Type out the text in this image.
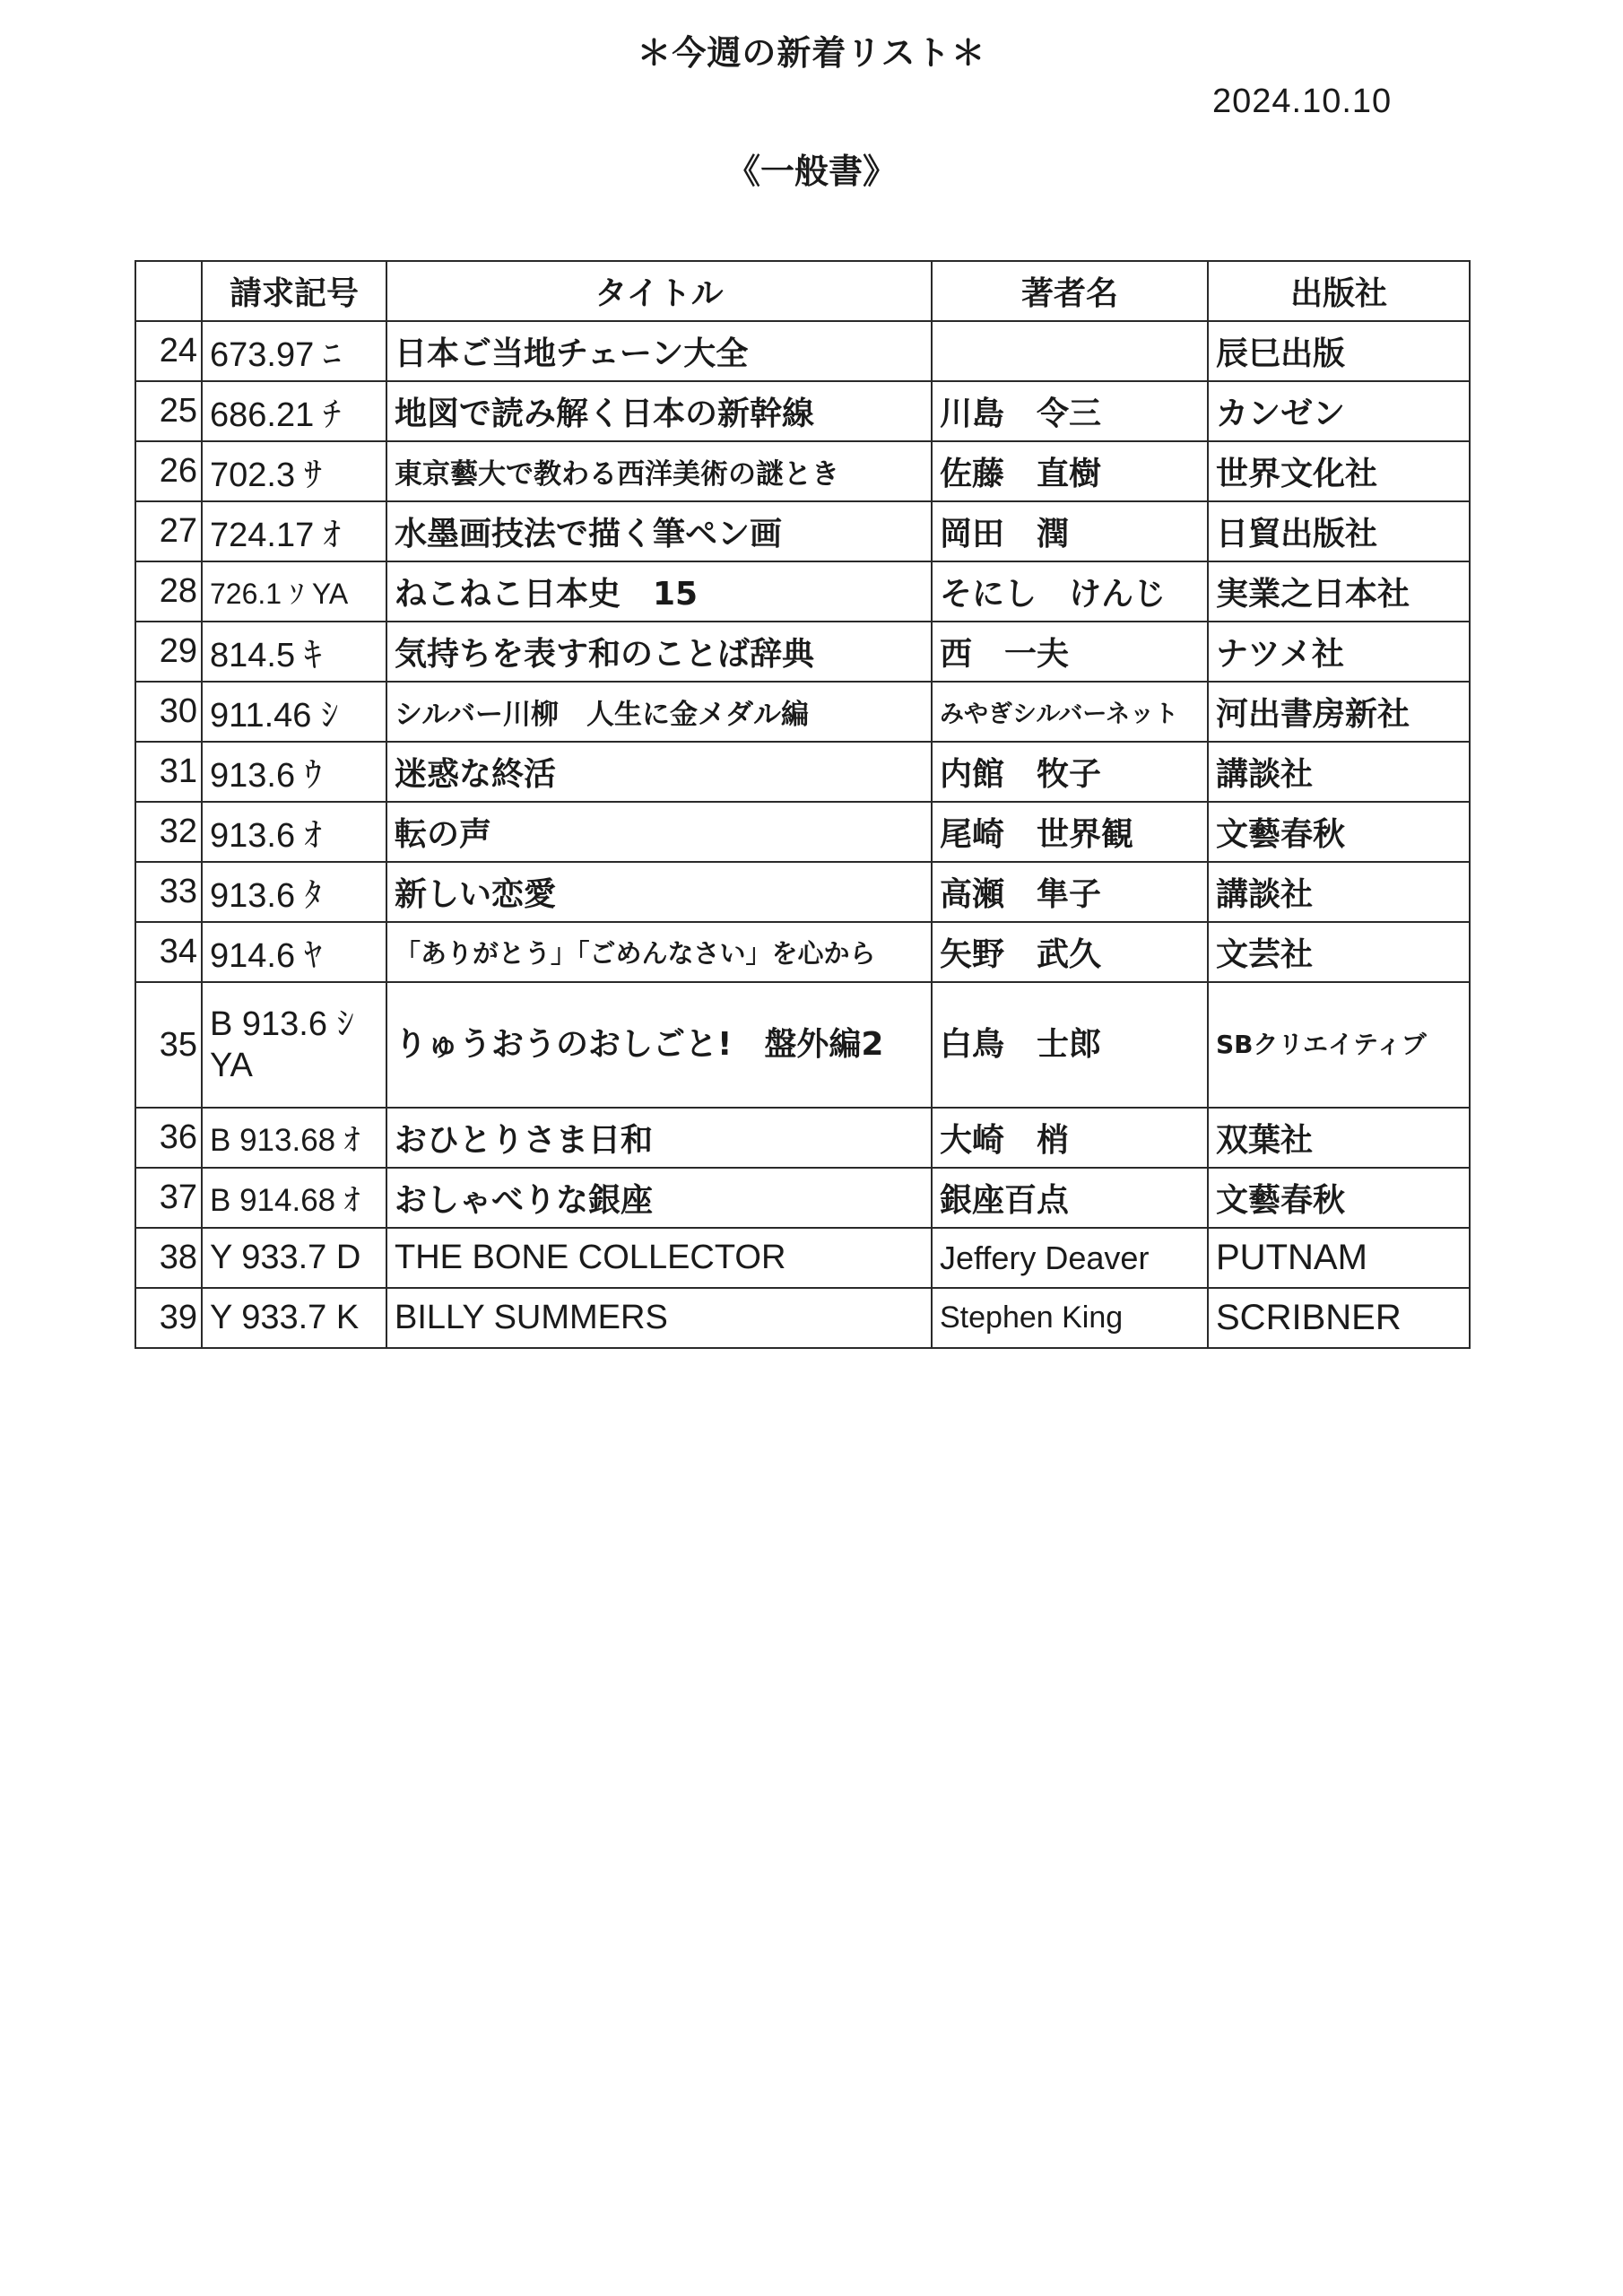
＊今週の新着リスト＊
2024.10.10
《一般書》
	請求記号	タイトル	著者名	出版社
24	673.97 ﾆ	日本ご当地チェーン大全		辰巳出版
25	686.21 ﾁ	地図で読み解く日本の新幹線	川島　令三	カンゼン
26	702.3 ｻ	東京藝大で教わる西洋美術の謎とき	佐藤　直樹	世界文化社
27	724.17 ｵ	水墨画技法で描く筆ペン画	岡田　潤	日貿出版社
28	726.1 ｿ YA	ねこねこ日本史　15	そにし　けんじ	実業之日本社
29	814.5 ｷ	気持ちを表す和のことば辞典	西　一夫	ナツメ社
30	911.46 ｼ	シルバー川柳　人生に金メダル編	みやぎシルバーネット	河出書房新社
31	913.6 ｳ	迷惑な終活	内館　牧子	講談社
32	913.6 ｵ	転の声	尾崎　世界観	文藝春秋
33	913.6 ﾀ	新しい恋愛	高瀬　隼子	講談社
34	914.6 ﾔ	「ありがとう」「ごめんなさい」を心から	矢野　武久	文芸社
35	B 913.6 ｼ YA	りゅうおうのおしごと!　盤外編2	白鳥　士郎	SBクリエイティブ
36	B 913.68 ｵ	おひとりさま日和	大崎　梢	双葉社
37	B 914.68 ｵ	おしゃべりな銀座	銀座百点	文藝春秋
38	Y 933.7 D	THE BONE COLLECTOR	Jeffery Deaver	PUTNAM
39	Y 933.7 K	BILLY SUMMERS	Stephen King	SCRIBNER
